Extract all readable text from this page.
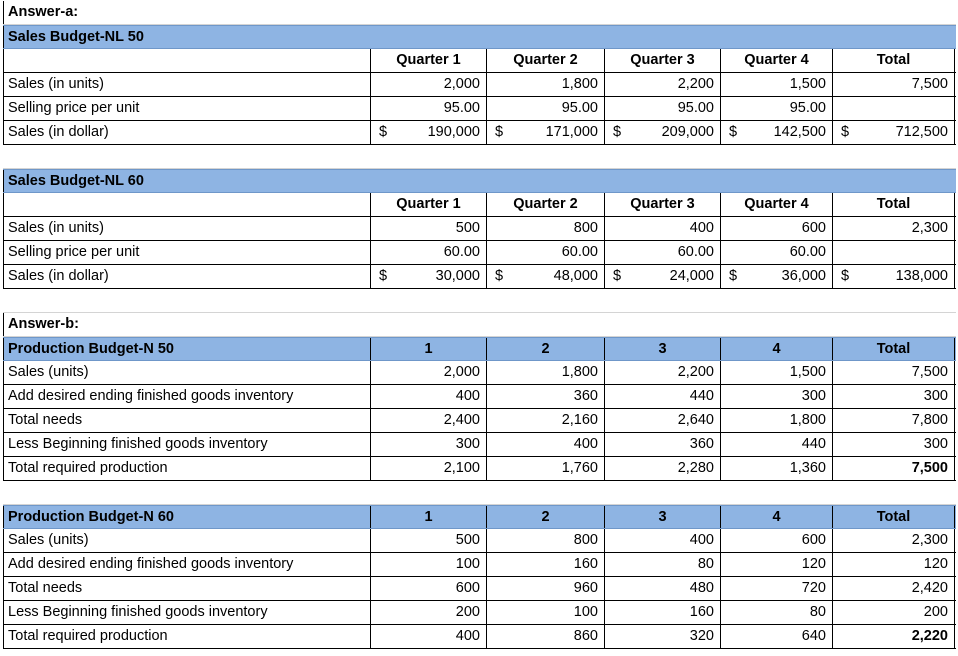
Answer-a:
Sales Budget-NL 50
Quarter 1	Quarter 2	Quarter 3	Quarter 4	Total
Sales (in units)	2,000	1,800	2,200	1,500	7,500
Selling price per unit	95.00	95.00	95.00	95.00
Sales (in dollar)	$	190,000	$	171,000	$	209,000	$	142,500	$	712,500
Sales Budget-NL 60
Quarter 1	Quarter 2	Quarter 3	Quarter 4	Total
Sales (in units)	500	800	400	600	2,300
Selling price per unit	60.00	60.00	60.00	60.00
Sales (in dollar)	$	30,000	$	48,000	$	24,000	$	36,000	$	138,000
Answer-b:
Production Budget-N 50	1	2	3	4	Total
Sales (units)	2,000	1,800	2,200	1,500	7,500
Add desired ending finished goods inventory	400	360	440	300	300
Total needs	2,400	2,160	2,640	1,800	7,800
Less Beginning finished goods inventory	300	400	360	440	300
Total required production	2,100	1,760	2,280	1,360	7,500
Production Budget-N 60	1	2	3	4	Total
Sales (units)	500	800	400	600	2,300
Add desired ending finished goods inventory	100	160	80	120	120
Total needs	600	960	480	720	2,420
Less Beginning finished goods inventory	200	100	160	80	200
Total required production	400	860	320	640	2,220
